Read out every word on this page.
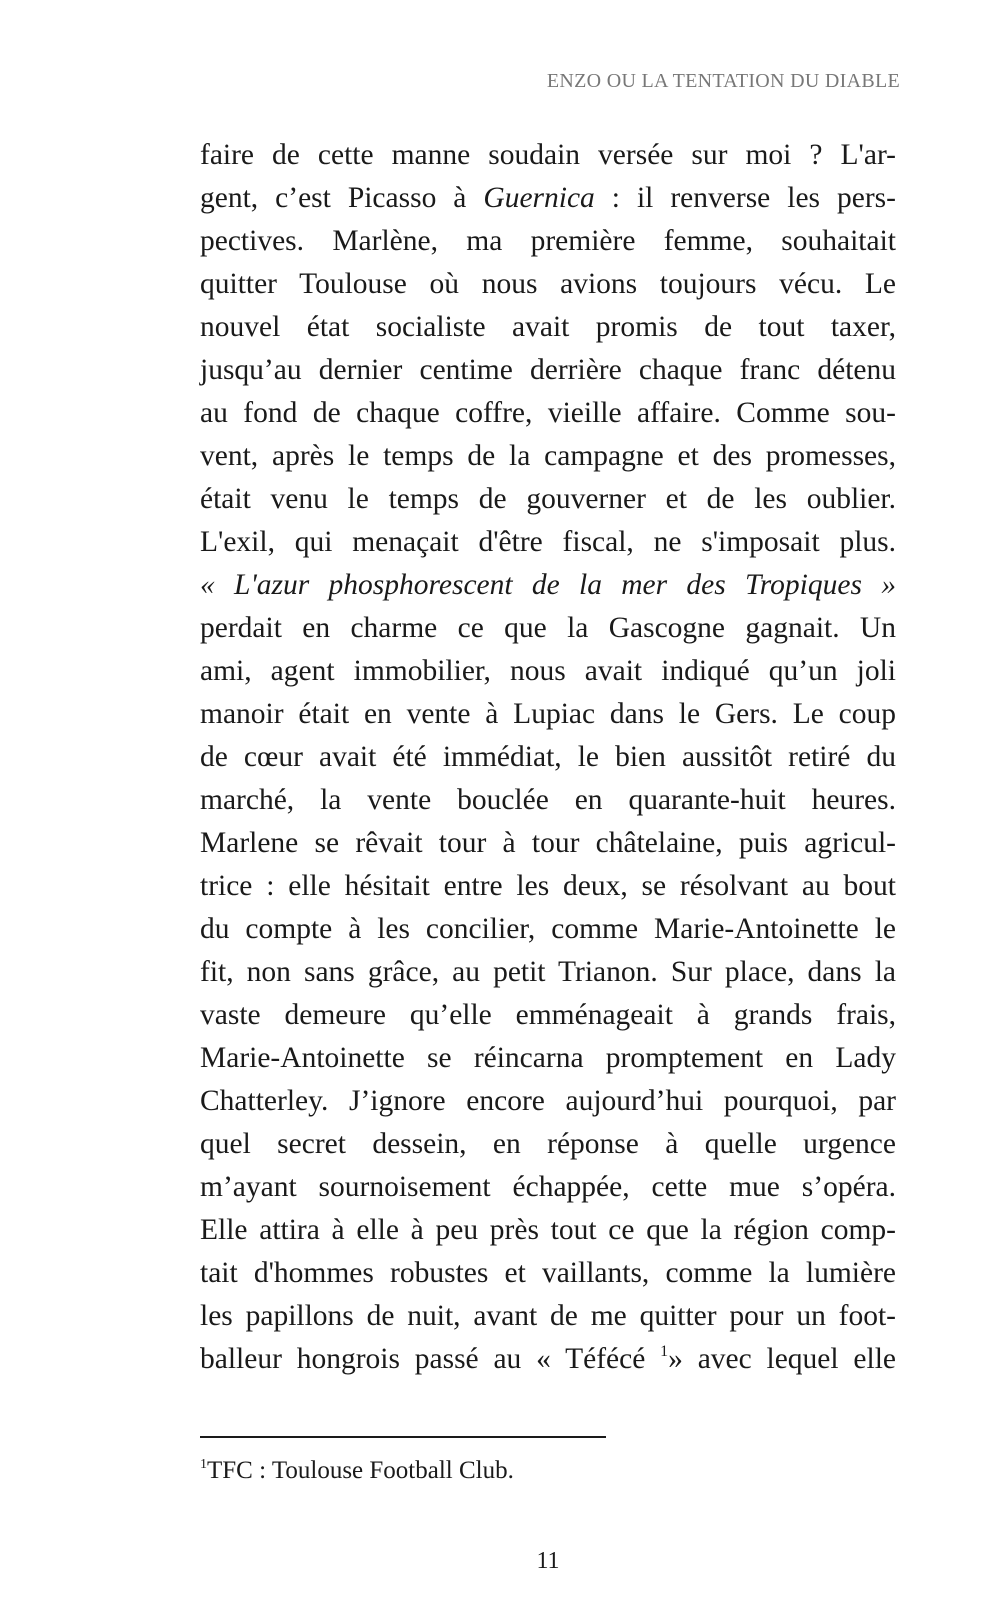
ENZO OU LA TENTATION DU DIABLE
faire de cette manne soudain versée sur moi ? L'ar-
gent, c’est Picasso à Guernica : il renverse les pers-
pectives. Marlène, ma première femme, souhaitait
quitter Toulouse où nous avions toujours vécu. Le
nouvel état socialiste avait promis de tout taxer,
jusqu’au dernier centime derrière chaque franc détenu
au fond de chaque coffre, vieille affaire. Comme sou-
vent, après le temps de la campagne et des promesses,
était venu le temps de gouverner et de les oublier.
L'exil, qui menaçait d'être fiscal, ne s'imposait plus.
« L'azur phosphorescent de la mer des Tropiques »
perdait en charme ce que la Gascogne gagnait. Un
ami, agent immobilier, nous avait indiqué qu’un joli
manoir était en vente à Lupiac dans le Gers. Le coup
de cœur avait été immédiat, le bien aussitôt retiré du
marché, la vente bouclée en quarante-huit heures.
Marlene se rêvait tour à tour châtelaine, puis agricul-
trice : elle hésitait entre les deux, se résolvant au bout
du compte à les concilier, comme Marie-Antoinette le
fit, non sans grâce, au petit Trianon. Sur place, dans la
vaste demeure qu’elle emménageait à grands frais,
Marie-Antoinette se réincarna promptement en Lady
Chatterley. J’ignore encore aujourd’hui pourquoi, par
quel secret dessein, en réponse à quelle urgence
m’ayant sournoisement échappée, cette mue s’opéra.
Elle attira à elle à peu près tout ce que la région comp-
tait d'hommes robustes et vaillants, comme la lumière
les papillons de nuit, avant de me quitter pour un foot-
balleur hongrois passé au « Téfécé $^1$» avec lequel elle
$^1$TFC : Toulouse Football Club.
11
